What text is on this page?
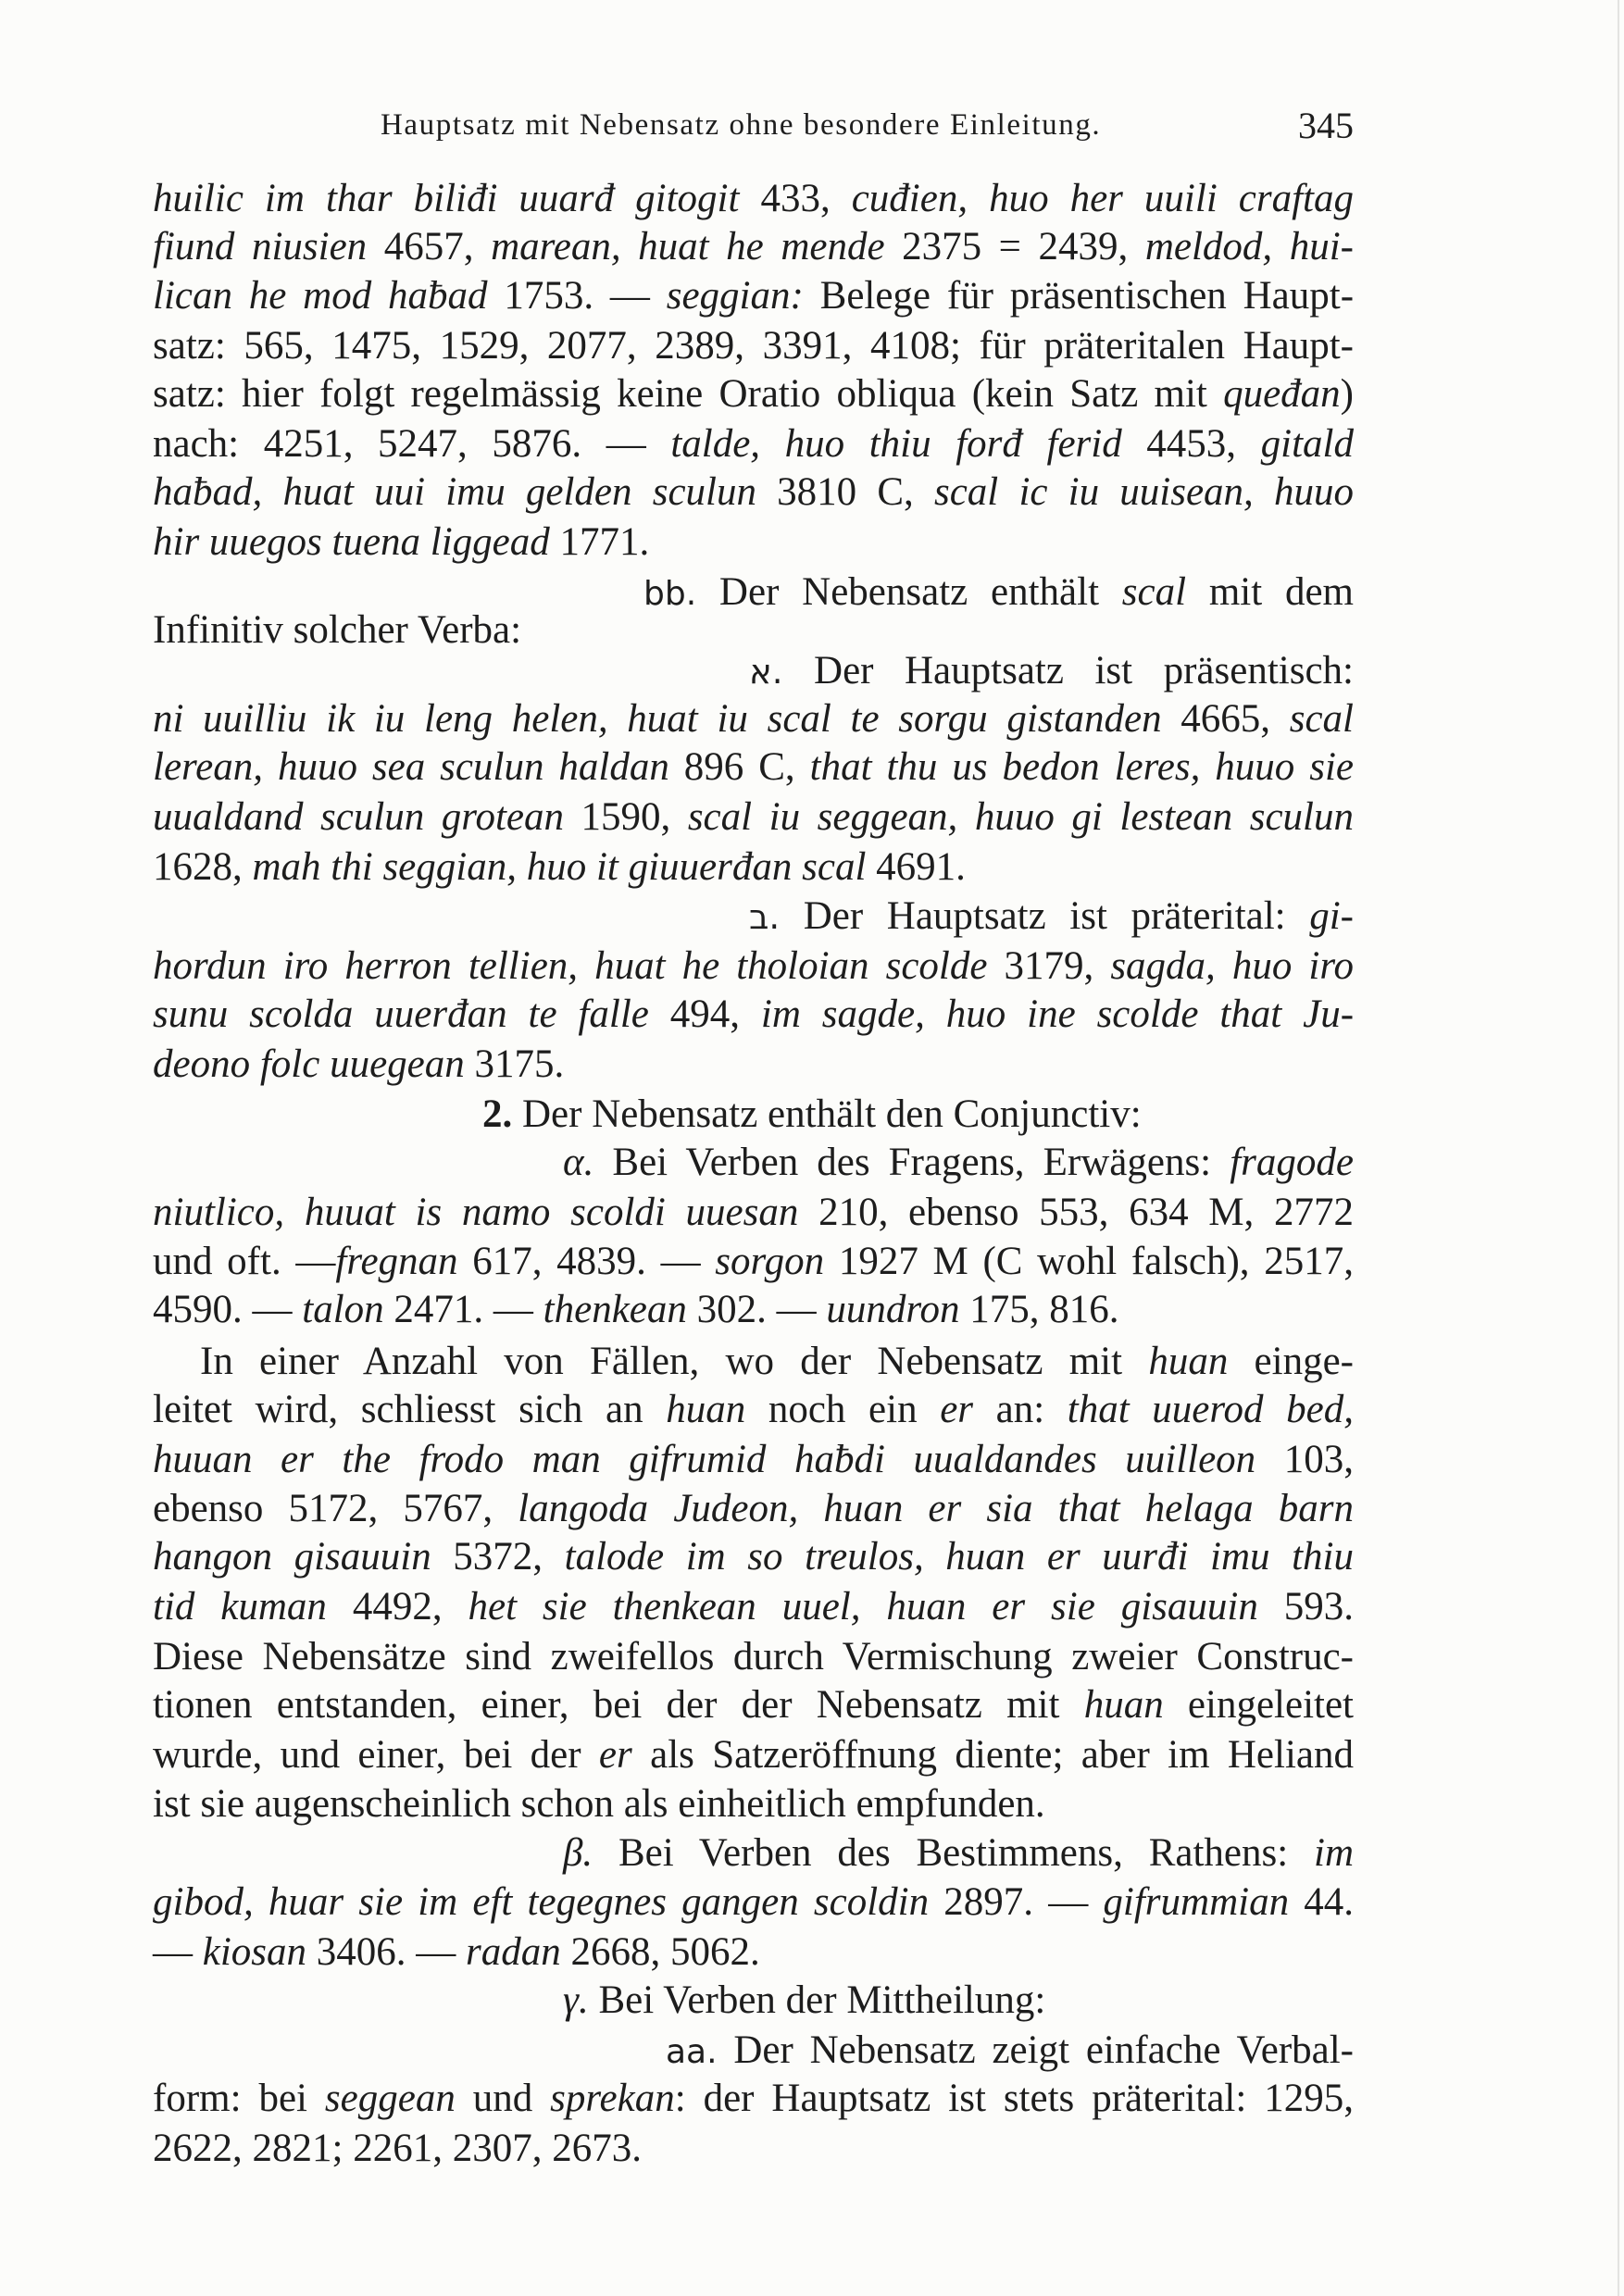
Hauptsatz mit Nebensatz ohne besondere Einleitung.	345
huilic im thar biliđi uuarđ gitogit 433, cuđien, huo her uuili craftag
fiund niusien 4657, marean, huat he mende 2375 = 2439, meldod, hui-
lican he mod haƀad 1753. — seggian: Belege für präsentischen Haupt-
satz: 565, 1475, 1529, 2077, 2389, 3391, 4108; für präteritalen Haupt-
satz: hier folgt regelmässig keine Oratio obliqua (kein Satz mit queđan)
nach: 4251, 5247, 5876. — talde, huo thiu forđ ferid 4453, gitald
haƀad, huat uui imu gelden sculun 3810 C, scal ic iu uuisean, huuo
hir uuegos tuena liggead 1771.
bb. Der Nebensatz enthält scal mit dem
Infinitiv solcher Verba:
א. Der Hauptsatz ist präsentisch:
ni uuilliu ik iu leng helen, huat iu scal te sorgu gistanden 4665, scal
lerean, huuo sea sculun haldan 896 C, that thu us bedon leres, huuo sie
uualdand sculun grotean 1590, scal iu seggean, huuo gi lestean sculun
1628, mah thi seggian, huo it giuuerđan scal 4691.
ב. Der Hauptsatz ist präterital: gi-
hordun iro herron tellien, huat he tholoian scolde 3179, sagda, huo iro
sunu scolda uuerđan te falle 494, im sagde, huo ine scolde that Ju-
deono folc uuegean 3175.
2. Der Nebensatz enthält den Conjunctiv:
α. Bei Verben des Fragens, Erwägens: fragode
niutlico, huuat is namo scoldi uuesan 210, ebenso 553, 634 M, 2772
und oft. —fregnan 617, 4839. — sorgon 1927 M (C wohl falsch), 2517,
4590. — talon 2471. — thenkean 302. — uundron 175, 816.
In einer Anzahl von Fällen, wo der Nebensatz mit huan einge-
leitet wird, schliesst sich an huan noch ein er an: that uuerod bed,
huuan er the frodo man gifrumid haƀdi uualdandes uuilleon 103,
ebenso 5172, 5767, langoda Judeon, huan er sia that helaga barn
hangon gisauuin 5372, talode im so treulos, huan er uurđi imu thiu
tid kuman 4492, het sie thenkean uuel, huan er sie gisauuin 593.
Diese Nebensätze sind zweifellos durch Vermischung zweier Construc-
tionen entstanden, einer, bei der der Nebensatz mit huan eingeleitet
wurde, und einer, bei der er als Satzeröffnung diente; aber im Heliand
ist sie augenscheinlich schon als einheitlich empfunden.
β. Bei Verben des Bestimmens, Rathens: im
gibod, huar sie im eft tegegnes gangen scoldin 2897. — gifrummian 44.
— kiosan 3406. — radan 2668, 5062.
γ. Bei Verben der Mittheilung:
aa. Der Nebensatz zeigt einfache Verbal-
form: bei seggean und sprekan: der Hauptsatz ist stets präterital: 1295,
2622, 2821; 2261, 2307, 2673.
